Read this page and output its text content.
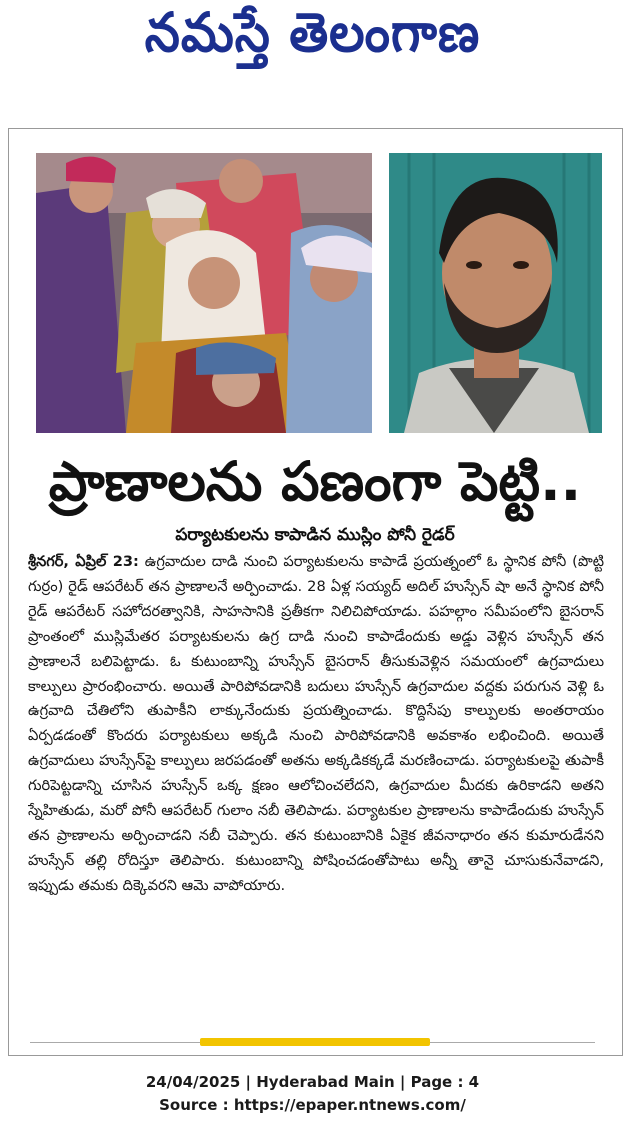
నమస్తే తెలంగాణ
ప్రాణాలను పణంగా పెట్టి..
పర్యాటకులను కాపాడిన ముస్లిం పోనీ రైడర్
శ్రీనగర్, ఏప్రిల్ 23: ఉగ్రవాదుల దాడి నుంచి పర్యాటకులను కాపాడే ప్రయత్నంలో ఓ స్థానిక పోనీ (పొట్టి గుర్రం) రైడ్ ఆపరేటర్ తన ప్రాణాలనే అర్పించాడు. 28 ఏళ్ల సయ్యద్ అదిల్ హుస్సేన్ షా అనే స్థానిక పోనీ రైడ్ ఆపరేటర్ సహోదరత్వానికి, సాహసానికి ప్రతీకగా నిలిచిపోయాడు. పహల్గాం సమీపంలోని బైసరాన్ ప్రాంతంలో ముస్లిమేతర పర్యాటకులను ఉగ్ర దాడి నుంచి కాపాడేందుకు అడ్డు వెళ్లిన హుస్సేన్ తన ప్రాణాలనే బలిపెట్టాడు. ఓ కుటుంబాన్ని హుస్సేన్ బైసరాన్ తీసుకువెళ్లిన సమయంలో ఉగ్రవాదులు కాల్పులు ప్రారంభించారు. అయితే పారిపోవడానికి బదులు హుస్సేన్ ఉగ్రవాదుల వద్దకు పరుగున వెళ్లి ఓ ఉగ్రవాది చేతిలోని తుపాకీని లాక్కునేందుకు ప్రయత్నించాడు. కొద్దిసేపు కాల్పులకు అంతరాయం ఏర్పడడంతో కొందరు పర్యాటకులు అక్కడి నుంచి పారిపోవడానికి అవకాశం లభించింది. అయితే ఉగ్రవాదులు హుస్సేన్‌పై కాల్పులు జరపడంతో అతను అక్కడికక్కడే మరణించాడు. పర్యాటకులపై తుపాకీ గురిపెట్టడాన్ని చూసిన హుస్సేన్ ఒక్క క్షణం ఆలోచించలేదని, ఉగ్రవాదుల మీదకు ఉరికాడని అతని స్నేహితుడు, మరో పోనీ ఆపరేటర్ గులాం నబీ తెలిపాడు. పర్యాటకుల ప్రాణాలను కాపాడేందుకు హుస్సేన్ తన ప్రాణాలను అర్పించాడని నబీ చెప్పారు. తన కుటుంబానికి ఏకైక జీవనాధారం తన కుమారుడేనని హుస్సేన్ తల్లి రోదిస్తూ తెలిపారు. కుటుంబాన్ని పోషించడంతోపాటు అన్నీ తానై చూసుకునేవాడని, ఇప్పుడు తమకు దిక్కెవరని ఆమె వాపోయారు.
24/04/2025 | Hyderabad Main | Page : 4
Source : https://epaper.ntnews.com/
